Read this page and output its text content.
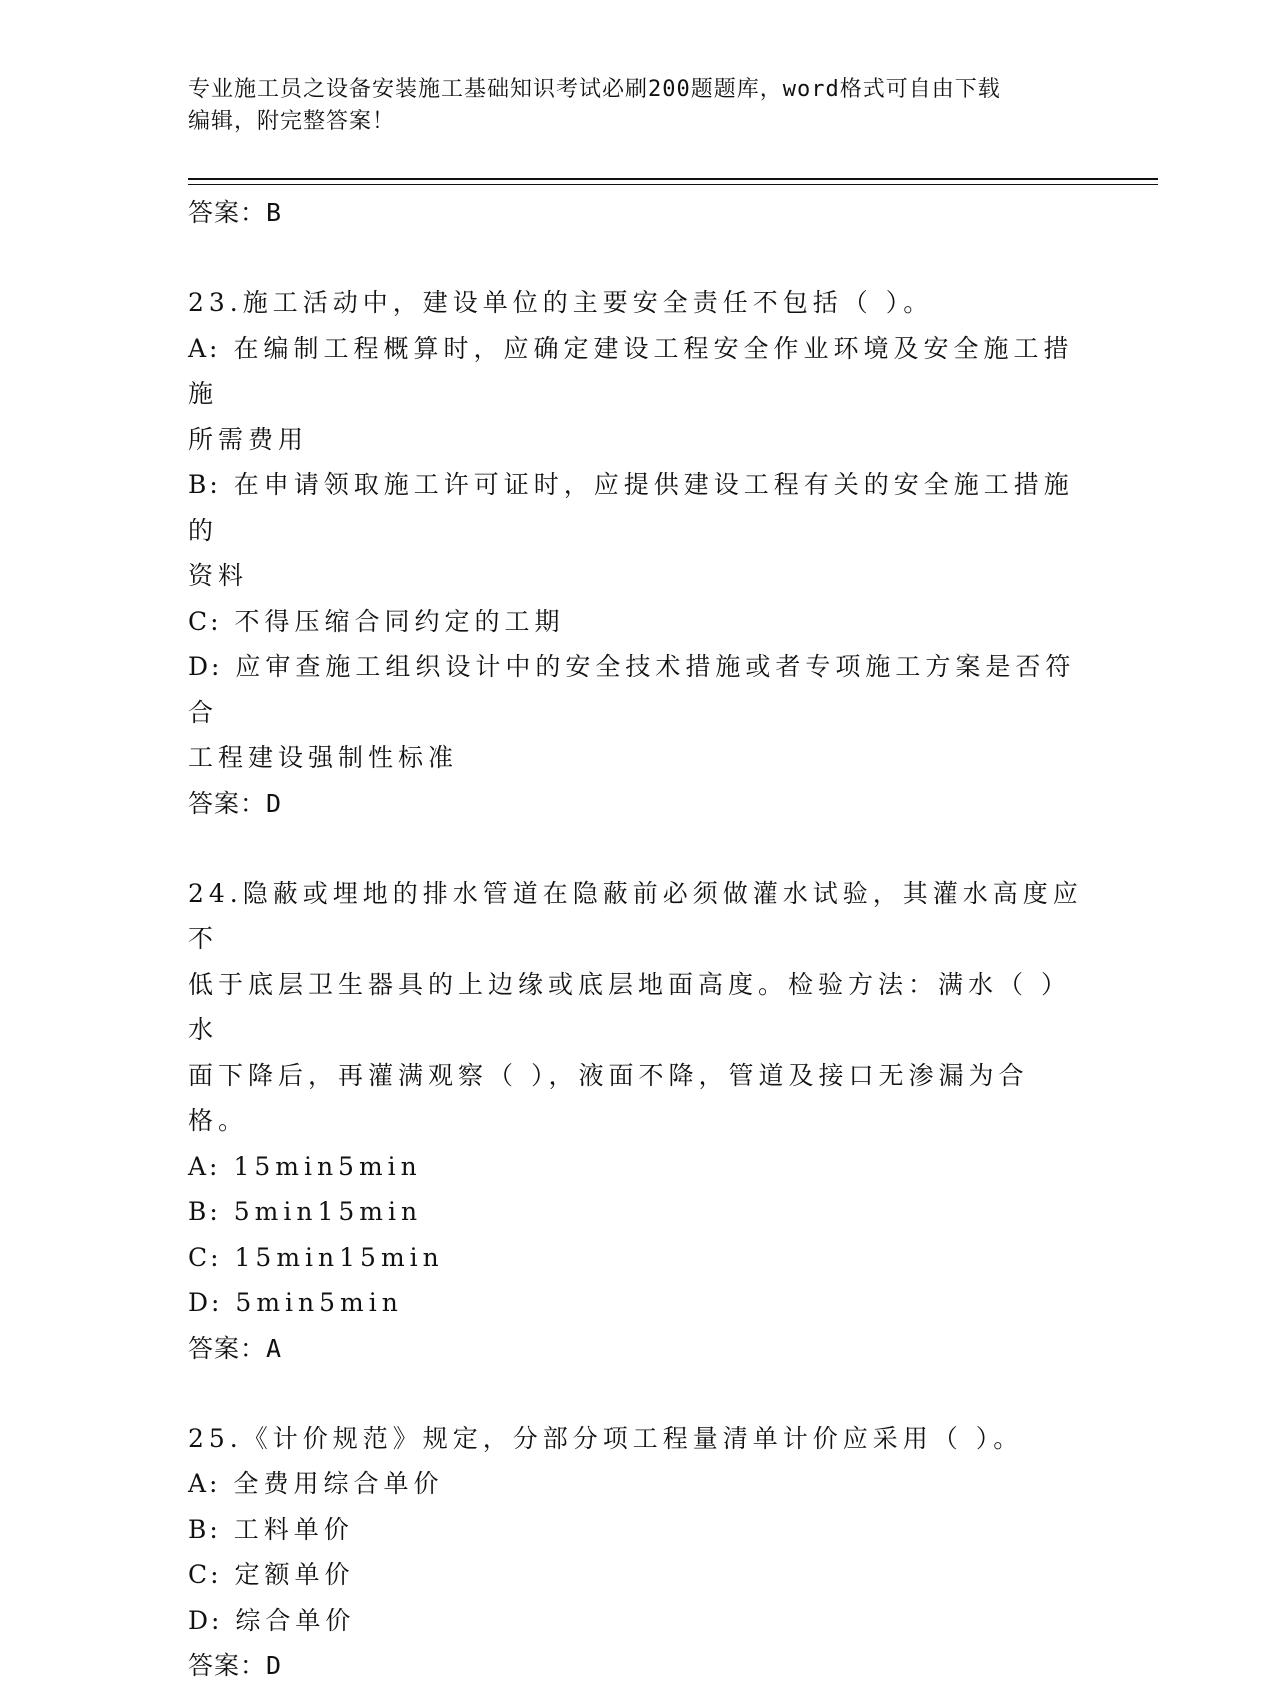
专业施工员之设备安装施工基础知识考试必刷200题题库，word格式可自由下载
编辑，附完整答案！
答案：B
23.施工活动中，建设单位的主要安全责任不包括（ ）。
A: 在编制工程概算时，应确定建设工程安全作业环境及安全施工措施
所需费用
B: 在申请领取施工许可证时，应提供建设工程有关的安全施工措施的
资料
C: 不得压缩合同约定的工期
D: 应审查施工组织设计中的安全技术措施或者专项施工方案是否符合
工程建设强制性标准
答案：D
24.隐蔽或埋地的排水管道在隐蔽前必须做灌水试验，其灌水高度应不
低于底层卫生器具的上边缘或底层地面高度。检验方法：满水（ ）水
面下降后，再灌满观察（ ），液面不降，管道及接口无渗漏为合格。
A: 15min5min
B: 5min15min
C: 15min15min
D: 5min5min
答案：A
25.《计价规范》规定，分部分项工程量清单计价应采用（ ）。
A: 全费用综合单价
B: 工料单价
C: 定额单价
D: 综合单价
答案：D
